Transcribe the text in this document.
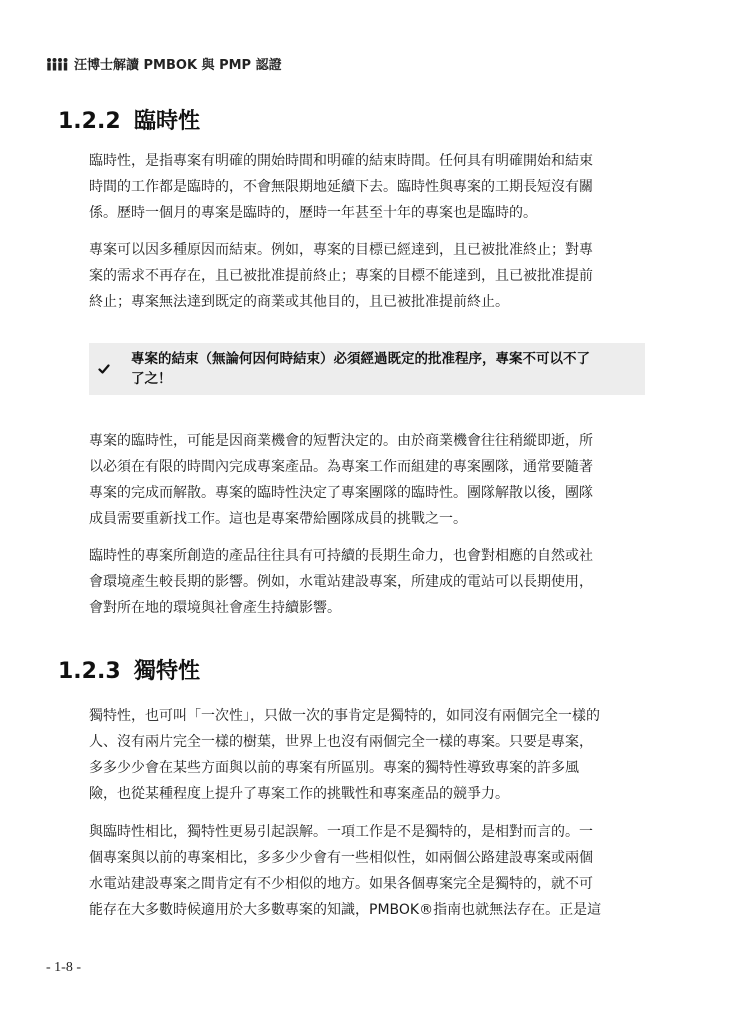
汪博士解讀 PMBOK 與 PMP 認證
1.2.2 臨時性
臨時性，是指專案有明確的開始時間和明確的結束時間。任何具有明確開始和結束
時間的工作都是臨時的，不會無限期地延續下去。臨時性與專案的工期長短沒有關
係。歷時一個月的專案是臨時的，歷時一年甚至十年的專案也是臨時的。
專案可以因多種原因而結束。例如，專案的目標已經達到，且已被批准終止；對專
案的需求不再存在，且已被批准提前終止；專案的目標不能達到，且已被批准提前
終止；專案無法達到既定的商業或其他目的，且已被批准提前終止。
專案的結束（無論何因何時結束）必須經過既定的批准程序，專案不可以不了
了之！
專案的臨時性，可能是因商業機會的短暫決定的。由於商業機會往往稍縱即逝，所
以必須在有限的時間內完成專案產品。為專案工作而組建的專案團隊，通常要隨著
專案的完成而解散。專案的臨時性決定了專案團隊的臨時性。團隊解散以後，團隊
成員需要重新找工作。這也是專案帶給團隊成員的挑戰之一。
臨時性的專案所創造的產品往往具有可持續的長期生命力，也會對相應的自然或社
會環境產生較長期的影響。例如，水電站建設專案，所建成的電站可以長期使用，
會對所在地的環境與社會產生持續影響。
1.2.3 獨特性
獨特性，也可叫「一次性」，只做一次的事肯定是獨特的，如同沒有兩個完全一樣的
人、沒有兩片完全一樣的樹葉，世界上也沒有兩個完全一樣的專案。只要是專案，
多多少少會在某些方面與以前的專案有所區別。專案的獨特性導致專案的許多風
險，也從某種程度上提升了專案工作的挑戰性和專案產品的競爭力。
與臨時性相比，獨特性更易引起誤解。一項工作是不是獨特的，是相對而言的。一
個專案與以前的專案相比，多多少少會有一些相似性，如兩個公路建設專案或兩個
水電站建設專案之間肯定有不少相似的地方。如果各個專案完全是獨特的，就不可
能存在大多數時候適用於大多數專案的知識，PMBOK®指南也就無法存在。正是這
- 1-8 -
